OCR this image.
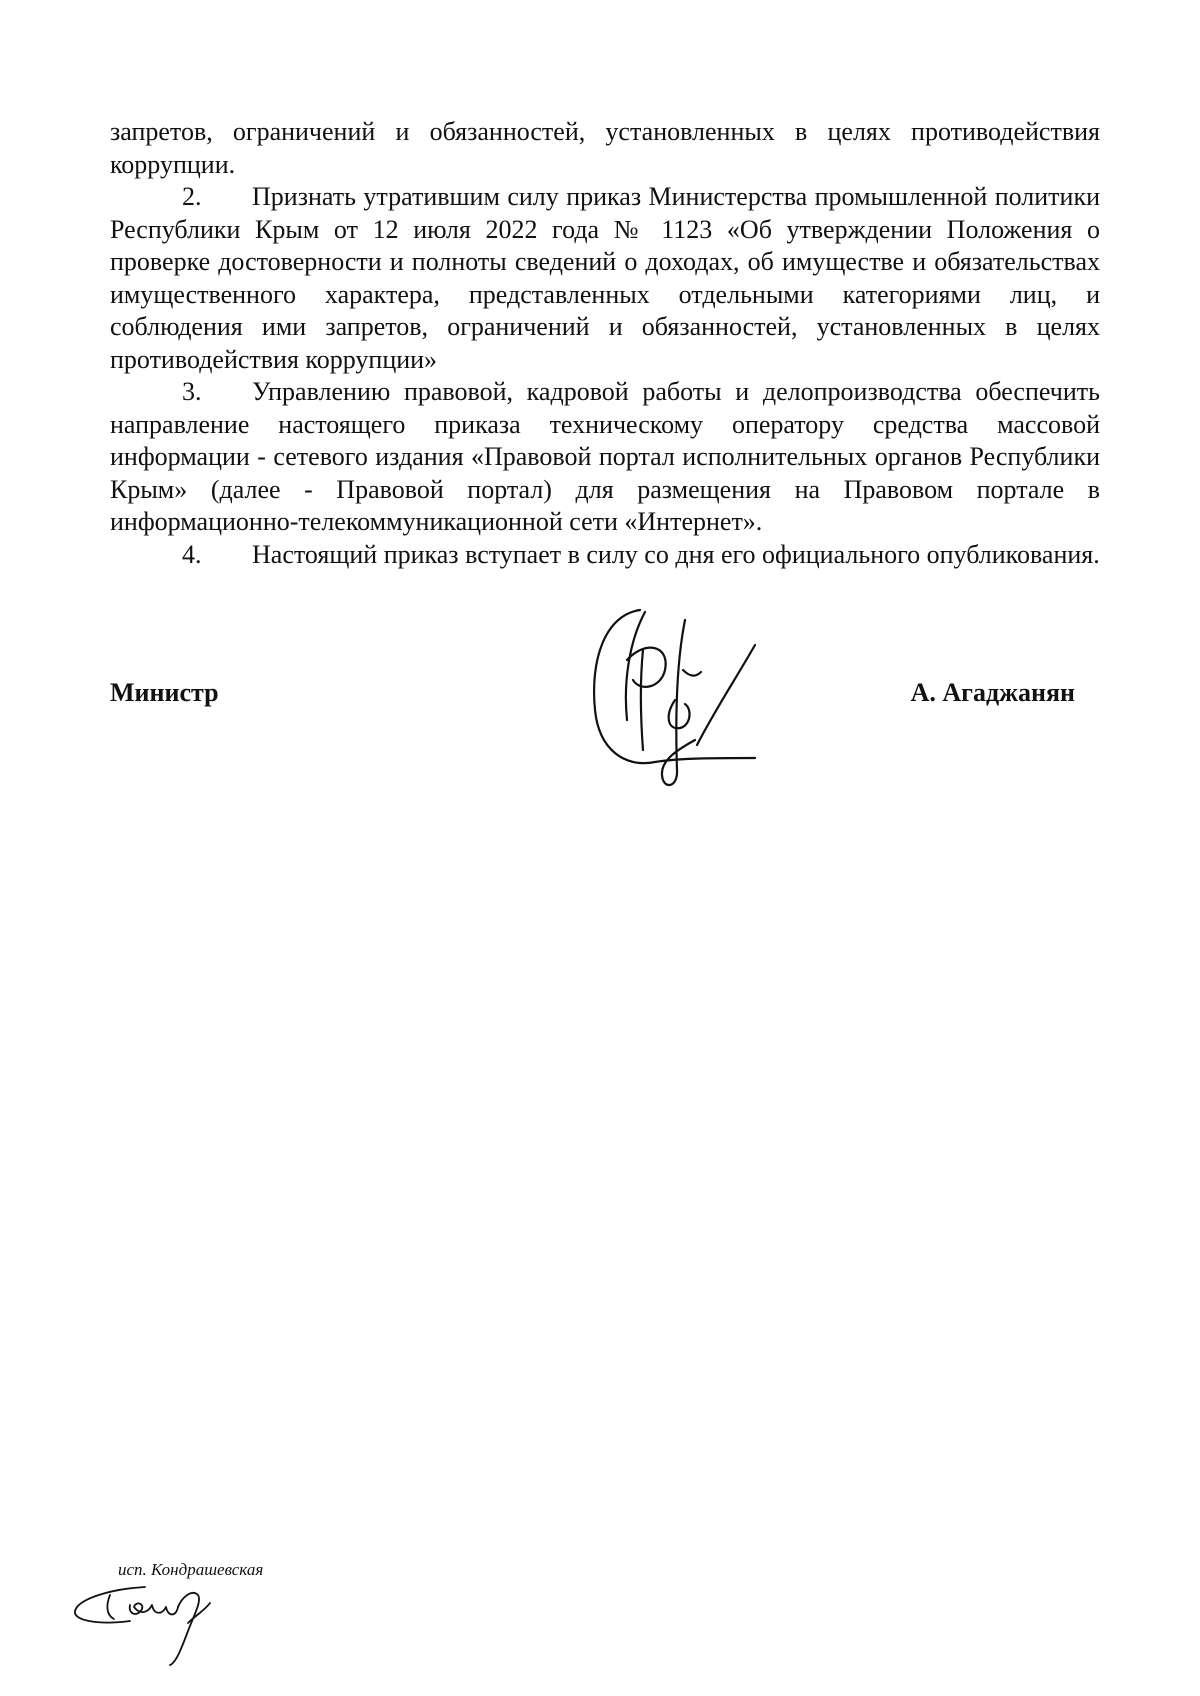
запретов, ограничений и обязанностей, установленных в целях противодействия коррупции.

2. Признать утратившим силу приказ Министерства промышленной политики Республики Крым от 12 июля 2022 года № 1123 «Об утверждении Положения о проверке достоверности и полноты сведений о доходах, об имуществе и обязательствах имущественного характера, представленных отдельными категориями лиц, и соблюдения ими запретов, ограничений и обязанностей, установленных в целях противодействия коррупции»

3. Управлению правовой, кадровой работы и делопроизводства обеспечить направление настоящего приказа техническому оператору средства массовой информации - сетевого издания «Правовой портал исполнительных органов Республики Крым» (далее - Правовой портал) для размещения на Правовом портале в информационно-телекоммуникационной сети «Интернет».

4. Настоящий приказ вступает в силу со дня его официального опубликования.

Министр	А. Агаджанян
исп. Кондрашевская
